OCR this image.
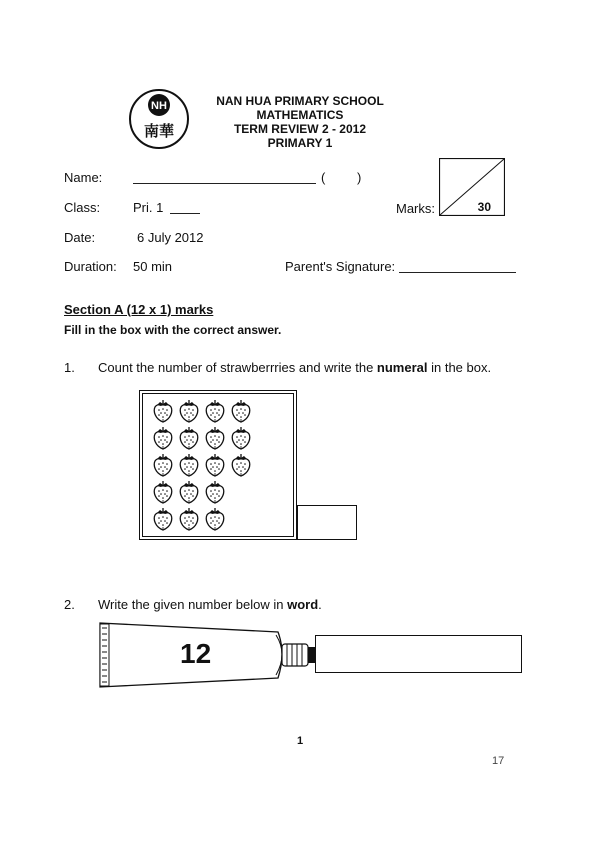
NH
南華
NAN HUA PRIMARY SCHOOL
MATHEMATICS
TERM REVIEW 2 - 2012
PRIMARY 1
Name:	( )
30
Marks:
Class:	Pri. 1
Date:	6 July 2012
Duration: 50 min	Parent's Signature:
Section A (12 x 1) marks
Fill in the box with the correct answer.
1. Count the number of strawberrries and write the numeral in the box.
2. Write the given number below in word.
12
1
17
